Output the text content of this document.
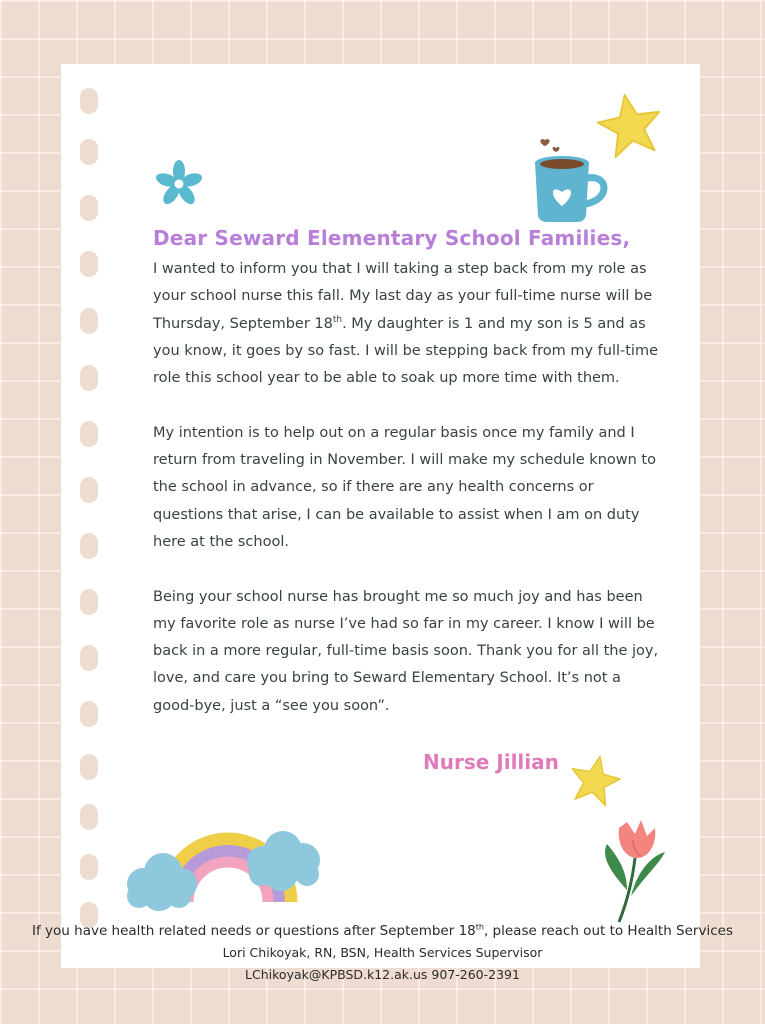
Dear Seward Elementary School Families,

I wanted to inform you that I will taking a step back from my role as your school nurse this fall. My last day as your full-time nurse will be Thursday, September 18th. My daughter is 1 and my son is 5 and as you know, it goes by so fast. I will be stepping back from my full-time role this school year to be able to soak up more time with them.

My intention is to help out on a regular basis once my family and I return from traveling in November. I will make my schedule known to the school in advance, so if there are any health concerns or questions that arise, I can be available to assist when I am on duty here at the school.

Being your school nurse has brought me so much joy and has been my favorite role as nurse I’ve had so far in my career. I know I will be back in a more regular, full-time basis soon. Thank you for all the joy, love, and care you bring to Seward Elementary School. It’s not a good-bye, just a “see you soon”.

Nurse Jillian
If you have health related needs or questions after September 18th, please reach out to Health Services
Lori Chikoyak, RN, BSN, Health Services Supervisor
LChikoyak@KPBSD.k12.ak.us 907-260-2391
